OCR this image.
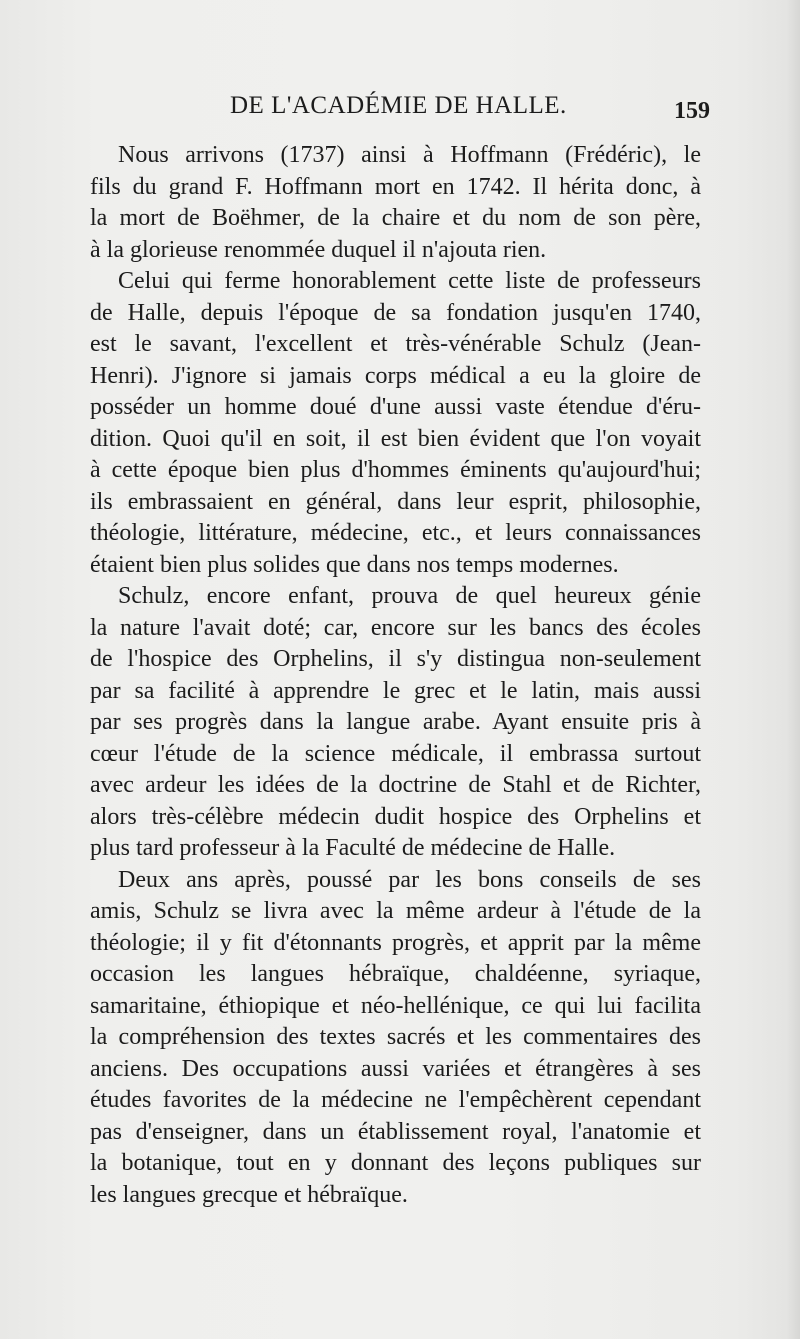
DE L'ACADÉMIE DE HALLE.	159
Nous arrivons (1737) ainsi à Hoffmann (Frédéric), le
fils du grand F. Hoffmann mort en 1742. Il hérita donc, à
la mort de Boëhmer, de la chaire et du nom de son père,
à la glorieuse renommée duquel il n'ajouta rien.
Celui qui ferme honorablement cette liste de professeurs
de Halle, depuis l'époque de sa fondation jusqu'en 1740,
est le savant, l'excellent et très-vénérable Schulz (Jean-
Henri). J'ignore si jamais corps médical a eu la gloire de
posséder un homme doué d'une aussi vaste étendue d'éru-
dition. Quoi qu'il en soit, il est bien évident que l'on voyait
à cette époque bien plus d'hommes éminents qu'aujourd'hui;
ils embrassaient en général, dans leur esprit, philosophie,
théologie, littérature, médecine, etc., et leurs connaissances
étaient bien plus solides que dans nos temps modernes.
Schulz, encore enfant, prouva de quel heureux génie
la nature l'avait doté; car, encore sur les bancs des écoles
de l'hospice des Orphelins, il s'y distingua non-seulement
par sa facilité à apprendre le grec et le latin, mais aussi
par ses progrès dans la langue arabe. Ayant ensuite pris à
cœur l'étude de la science médicale, il embrassa surtout
avec ardeur les idées de la doctrine de Stahl et de Richter,
alors très-célèbre médecin dudit hospice des Orphelins et
plus tard professeur à la Faculté de médecine de Halle.
Deux ans après, poussé par les bons conseils de ses
amis, Schulz se livra avec la même ardeur à l'étude de la
théologie; il y fit d'étonnants progrès, et apprit par la même
occasion les langues hébraïque, chaldéenne, syriaque,
samaritaine, éthiopique et néo-hellénique, ce qui lui facilita
la compréhension des textes sacrés et les commentaires des
anciens. Des occupations aussi variées et étrangères à ses
études favorites de la médecine ne l'empêchèrent cependant
pas d'enseigner, dans un établissement royal, l'anatomie et
la botanique, tout en y donnant des leçons publiques sur
les langues grecque et hébraïque.
